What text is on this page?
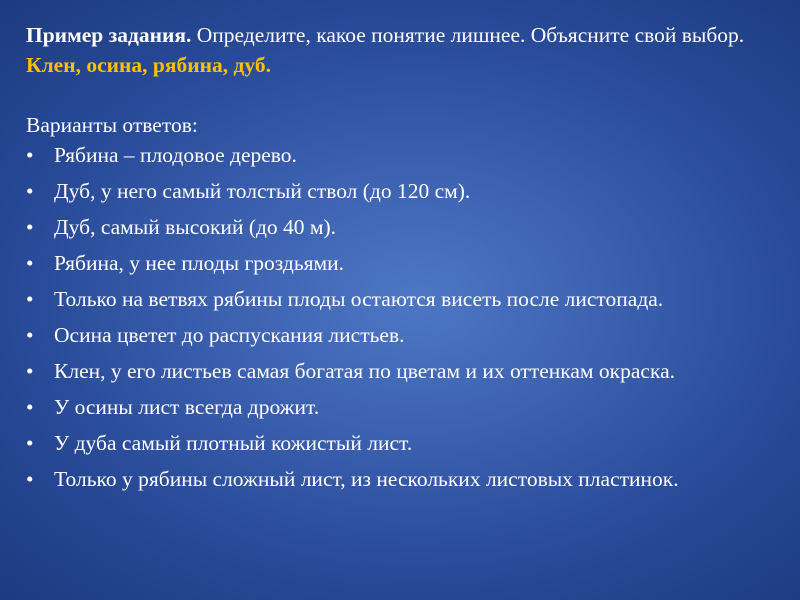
Пример задания. Определите, какое понятие лишнее. Объясните свой выбор. Клен, осина, рябина, дуб.

Варианты ответов:

• Рябина – плодовое дерево.
• Дуб, у него самый толстый ствол (до 120 см).
• Дуб, самый высокий (до 40 м).
• Рябина, у нее плоды гроздьями.
• Только на ветвях рябины плоды остаются висеть после листопада.
• Осина цветет до распускания листьев.
• Клен, у его листьев самая богатая по цветам и их оттенкам окраска.
• У осины лист всегда дрожит.
• У дуба самый плотный кожистый лист.
• Только у рябины сложный лист, из нескольких листовых пластинок.
